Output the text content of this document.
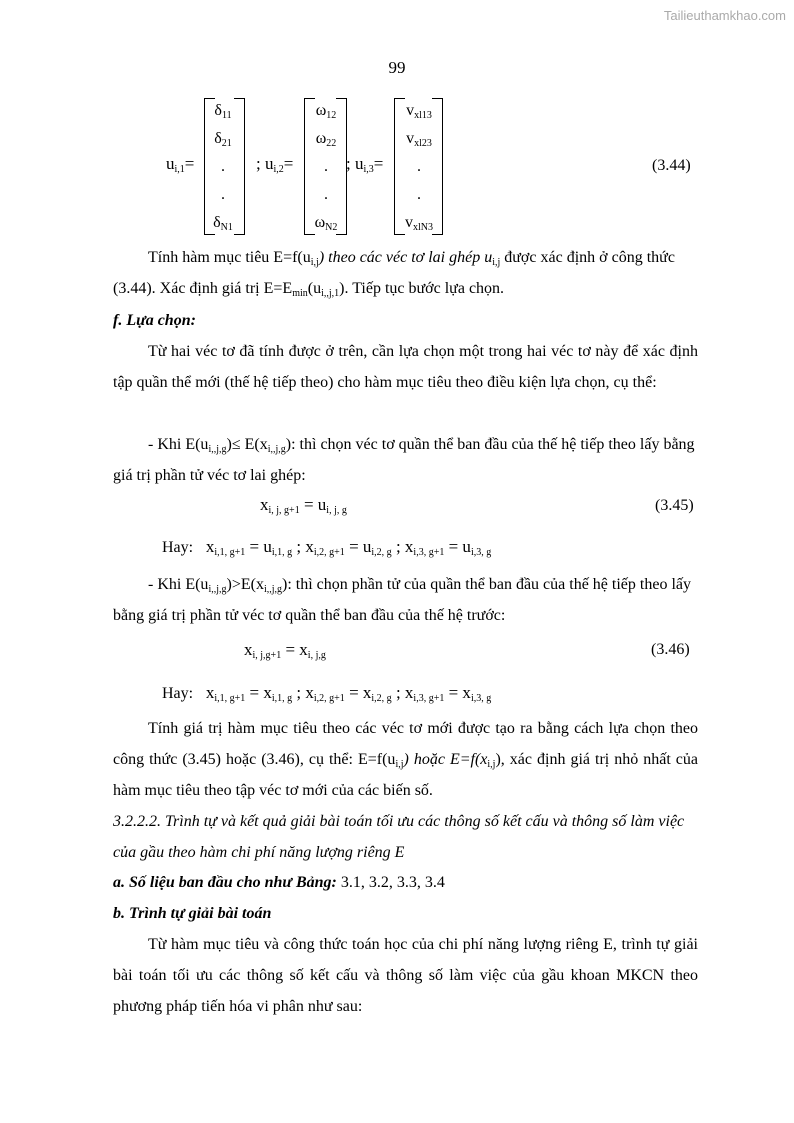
Tailieuthamkhao.com
99
$u_{i,1}=$
$\delta_{11}$
$\delta_{21}$
.
.
$\delta_{N1}$
; $u_{i,2}=$
$\omega_{12}$
$\omega_{22}$
.
.
$\omega_{N2}$
; $u_{i,3}=$
$v_{xl13}$
$v_{xl23}$
.
.
$v_{xlN3}$
(3.44)
Tính hàm mục tiêu $E=f(u_{i,j})$ theo các véc tơ lai ghép $u_{i,j}$ được xác định ở công thức (3.44). Xác định giá trị $E=E_{min}(u_{i,,j,1})$. Tiếp tục bước lựa chọn.
f. Lựa chọn:
Từ hai véc tơ đã tính được ở trên, cần lựa chọn một trong hai véc tơ này để xác định tập quần thể mới (thế hệ tiếp theo) cho hàm mục tiêu theo điều kiện lựa chọn, cụ thể:
- Khi $E(u_{i,,j,g})\le E(x_{i,,j,g})$: thì chọn véc tơ quần thể ban đầu của thế hệ tiếp theo lấy bằng giá trị phần tử véc tơ lai ghép:
$x_{i, j, g+1} = u_{i, j, g}$	(3.45)
Hay: $x_{i,1, g+1} = u_{i,1, g}$ ; $x_{i,2, g+1} = u_{i,2, g}$ ; $x_{i,3, g+1} = u_{i,3, g}$
- Khi $E(u_{i,,j,g})>E(x_{i,,j,g})$: thì chọn phần tử của quần thể ban đầu của thế hệ tiếp theo lấy bằng giá trị phần tử véc tơ quần thể ban đầu của thế hệ trước:
$x_{i, j,g+1} = x_{i, j,g}$	(3.46)
Hay: $x_{i,1, g+1} = x_{i,1, g}$ ; $x_{i,2, g+1} = x_{i,2, g}$ ; $x_{i,3, g+1} = x_{i,3, g}$
Tính giá trị hàm mục tiêu theo các véc tơ mới được tạo ra bằng cách lựa chọn theo công thức (3.45) hoặc (3.46), cụ thể: $E=f(u_{i,j})$ hoặc $E=f(x_{i,j})$, xác định giá trị nhỏ nhất của hàm mục tiêu theo tập véc tơ mới của các biến số.
3.2.2.2. Trình tự và kết quả giải bài toán tối ưu các thông số kết cấu và thông số làm việc của gầu theo hàm chi phí năng lượng riêng E
a. Số liệu ban đầu cho như Bảng: 3.1, 3.2, 3.3, 3.4
b. Trình tự giải bài toán
Từ hàm mục tiêu và công thức toán học của chi phí năng lượng riêng E, trình tự giải bài toán tối ưu các thông số kết cấu và thông số làm việc của gầu khoan MKCN theo phương pháp tiến hóa vi phân như sau:
